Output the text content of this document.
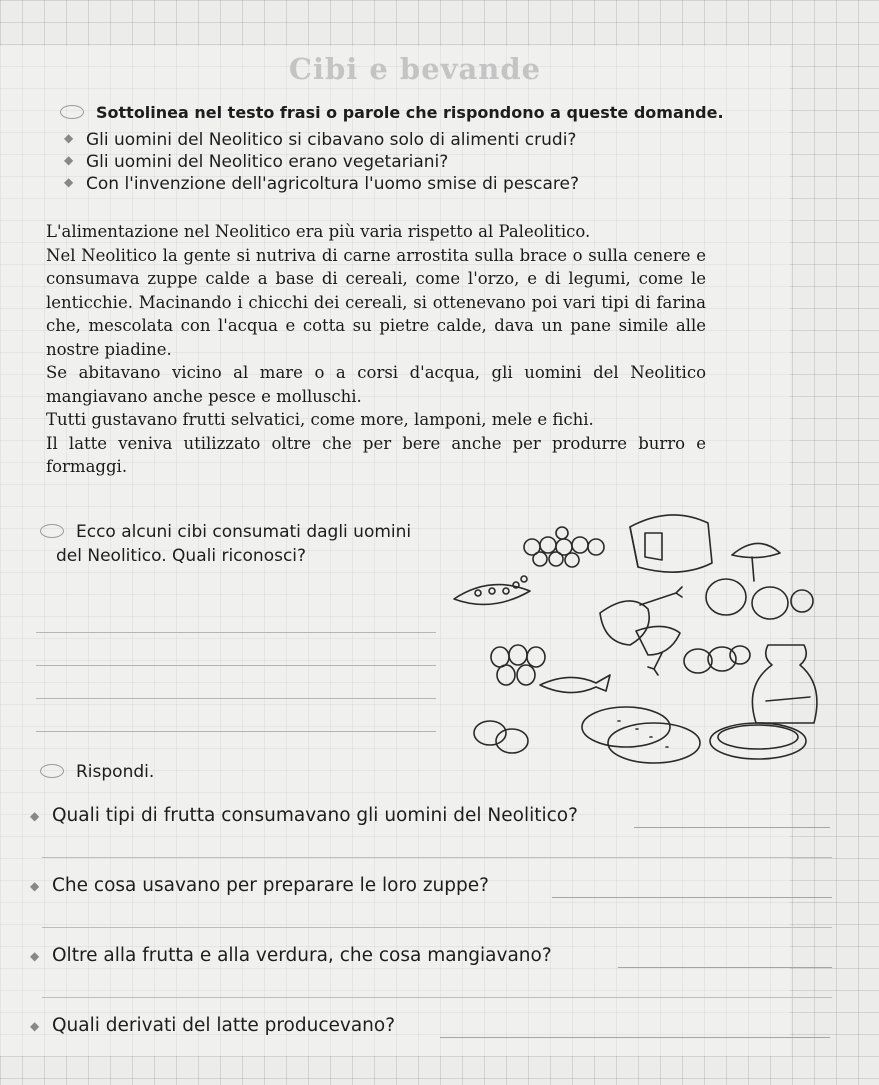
Cibi e bevande
Sottolinea nel testo frasi o parole che rispondono a queste domande.
◆ Gli uomini del Neolitico si cibavano solo di alimenti crudi?
◆ Gli uomini del Neolitico erano vegetariani?
◆ Con l'invenzione dell'agricoltura l'uomo smise di pescare?

L'alimentazione nel Neolitico era più varia rispetto al Paleolitico.

Nel Neolitico la gente si nutriva di carne arrostita sulla brace o sulla cenere e consumava zuppe calde a base di cereali, come l'orzo, e di legumi, come le lenticchie. Macinando i chicchi dei cereali, si ottenevano poi vari tipi di farina che, mescolata con l'acqua e cotta su pietre calde, dava un pane simile alle nostre piadine.

Se abitavano vicino al mare o a corsi d'acqua, gli uomini del Neolitico mangiavano anche pesce e molluschi.

Tutti gustavano frutti selvatici, come more, lamponi, mele e fichi.

Il latte veniva utilizzato oltre che per bere anche per produrre burro e formaggi.

Ecco alcuni cibi consumati dagli uomini
del Neolitico. Quali riconosci?
Rispondi.
◆ Quali tipi di frutta consumavano gli uomini del Neolitico?
◆ Che cosa usavano per preparare le loro zuppe?
◆ Oltre alla frutta e alla verdura, che cosa mangiavano?
◆ Quali derivati del latte producevano?
